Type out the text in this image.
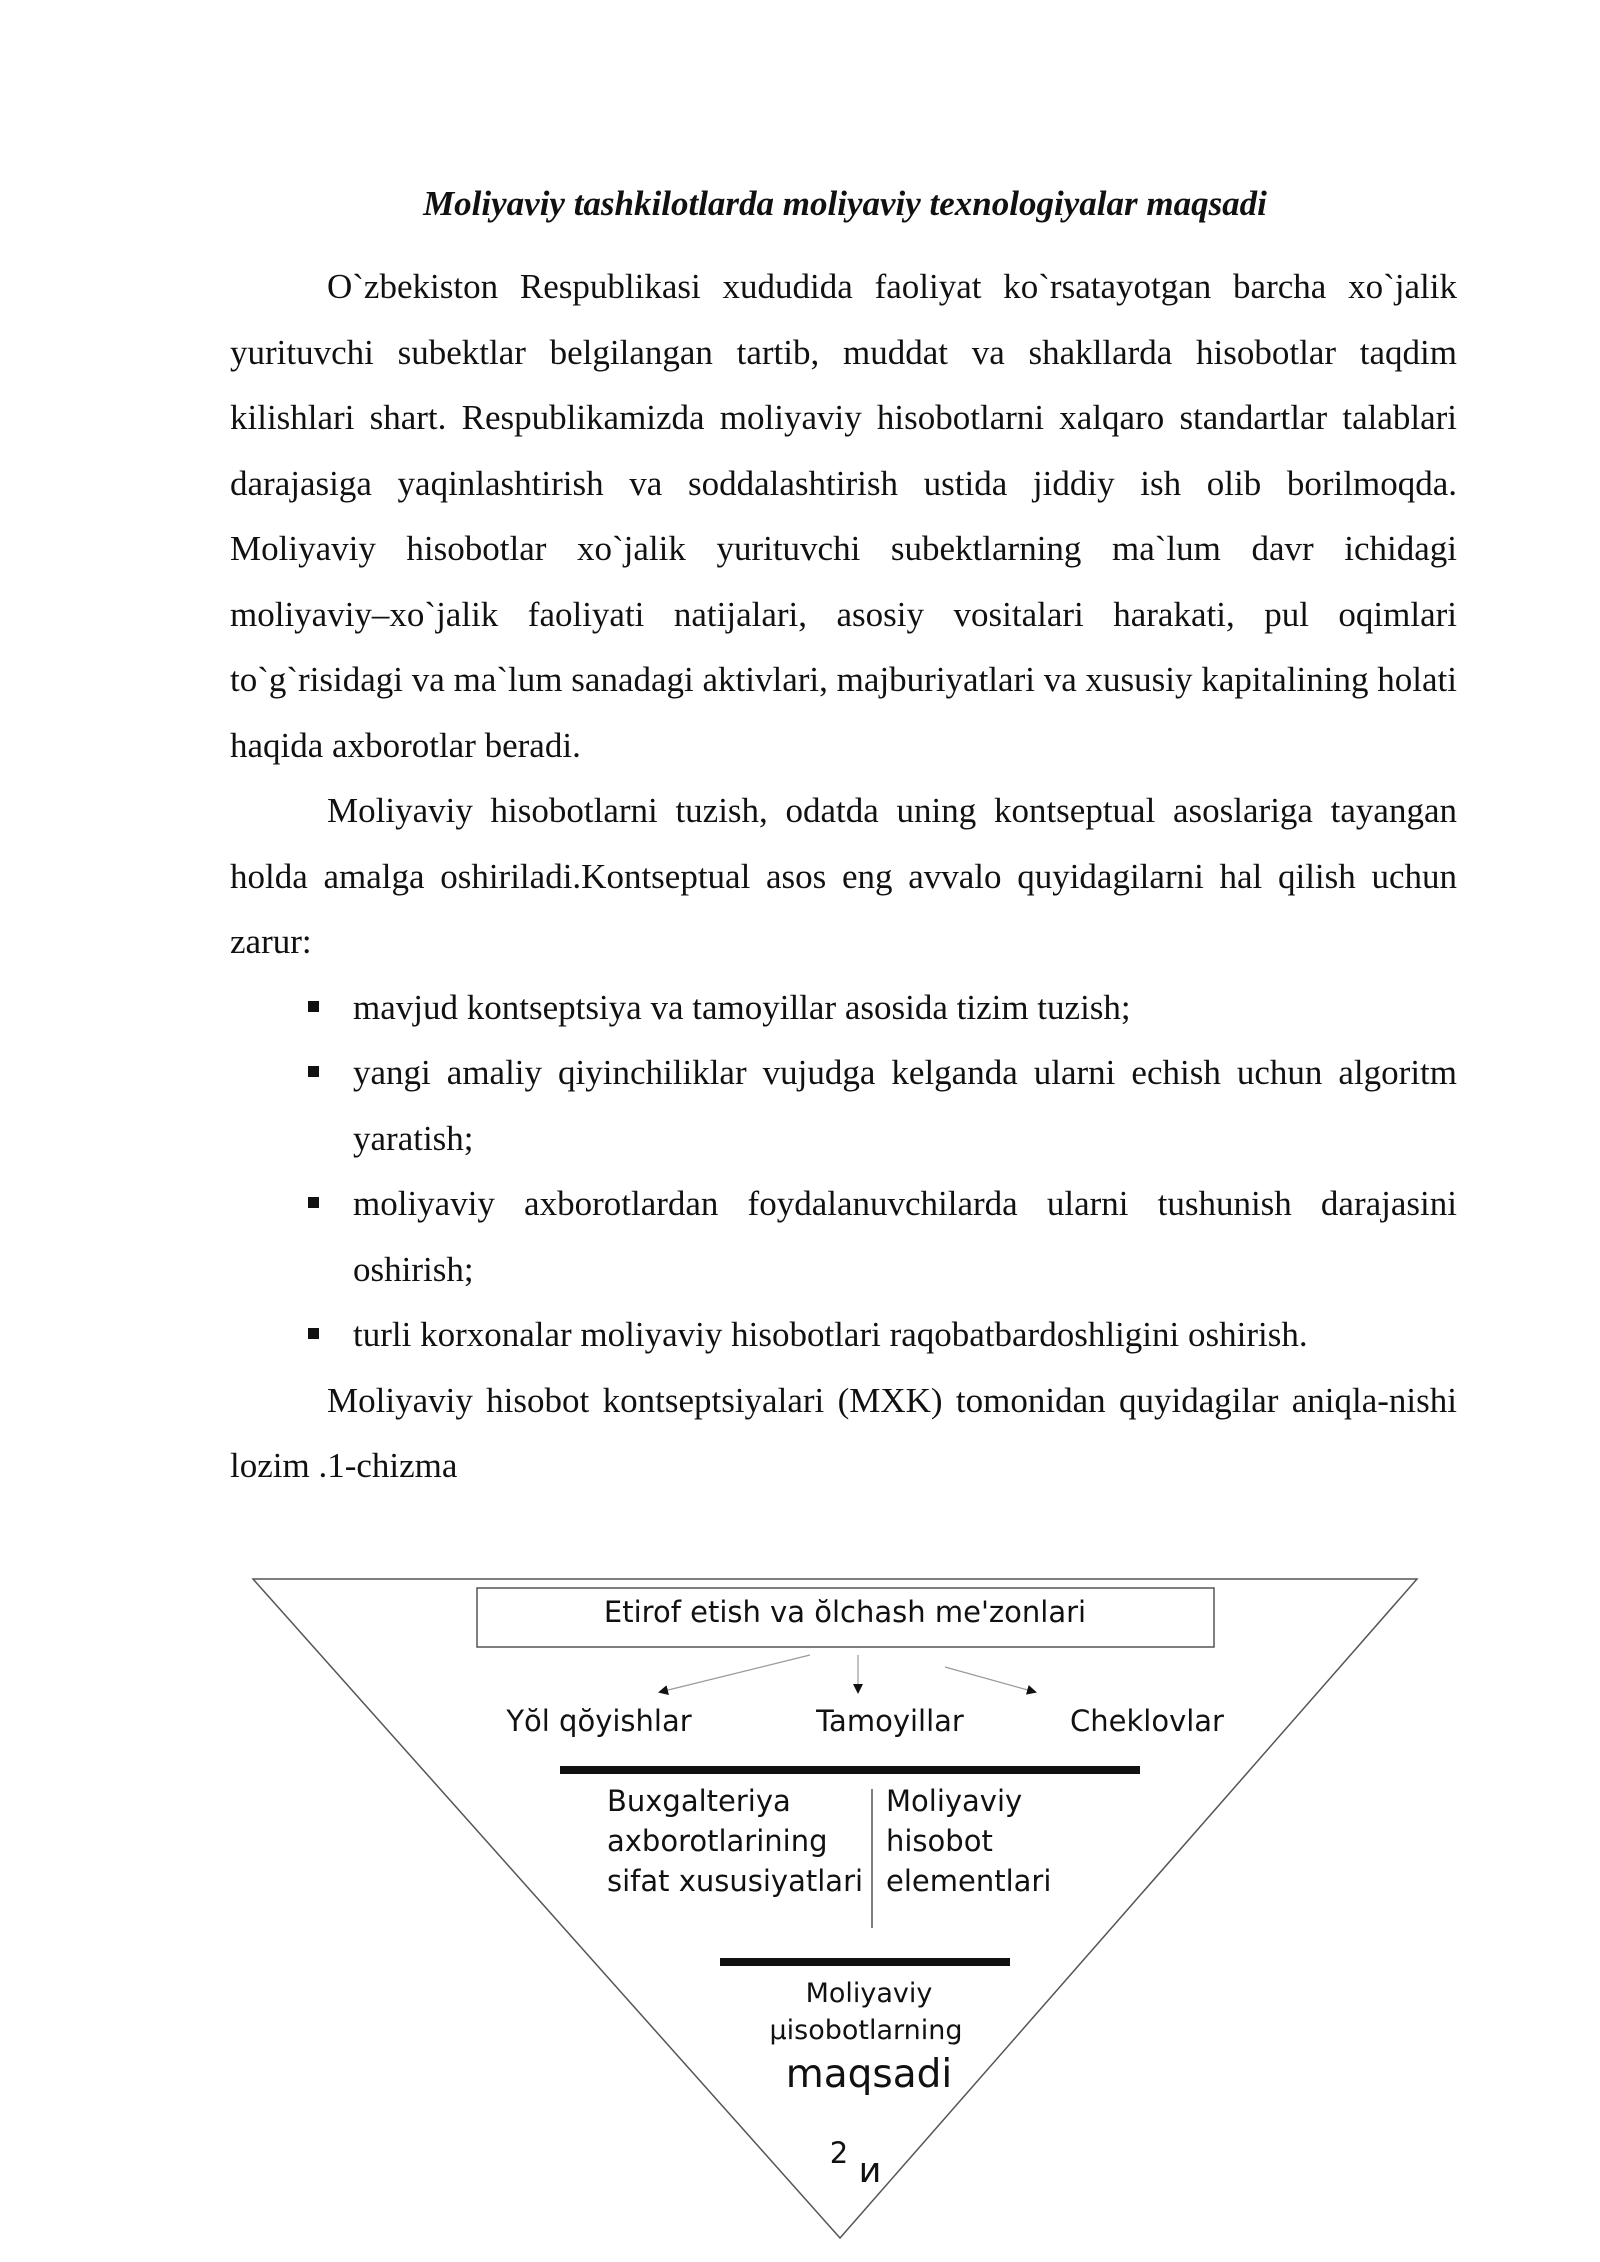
Moliyaviy tashkilotlarda moliyaviy texnologiyalar maqsadi

O`zbekiston Respublikasi xududida faoliyat ko`rsatayotgan barcha xo`jalik yurituvchi subektlar belgilangan tartib, muddat va shakllarda hisobotlar taqdim kilishlari shart. Respublikamizda moliyaviy hisobotlarni xalqaro standartlar talablari darajasiga yaqinlashtirish va soddalashtirish ustida jiddiy ish olib borilmoqda. Moliyaviy hisobotlar xo`jalik yurituvchi subektlarning ma`lum davr ichidagi moliyaviy–xo`jalik faoliyati natijalari, asosiy vositalari harakati, pul oqimlari to`g`risidagi va ma`lum sanadagi aktivlari, majburiyatlari va xususiy kapitalining holati haqida axborotlar beradi.

Moliyaviy hisobotlarni tuzish, odatda uning kontseptual asoslariga tayangan holda amalga oshiriladi.Kontseptual asos eng avvalo quyidagilarni hal qilish uchun zarur:

mavjud kontseptsiya va tamoyillar asosida tizim tuzish;
yangi amaliy qiyinchiliklar vujudga kelganda ularni echish uchun algoritm yaratish;
moliyaviy axborotlardan foydalanuvchilarda ularni tushunish darajasini oshirish;
turli korxonalar moliyaviy hisobotlari raqobatbardoshligini oshirish.

Moliyaviy hisobot kontseptsiyalari (MXK) tomonidan quyidagilar aniqla-nishi lozim .1-chizma

Etirof etish va ŏlchash me'zonlari
Yŏl qŏyishlar	Tamoyillar	Cheklovlar
Buxgalteriya
axborotlarining
sifat xususiyatlari
Moliyaviy
hisobot
elementlari
Moliyaviy
μisobotlarning
maqsadi
2 и
